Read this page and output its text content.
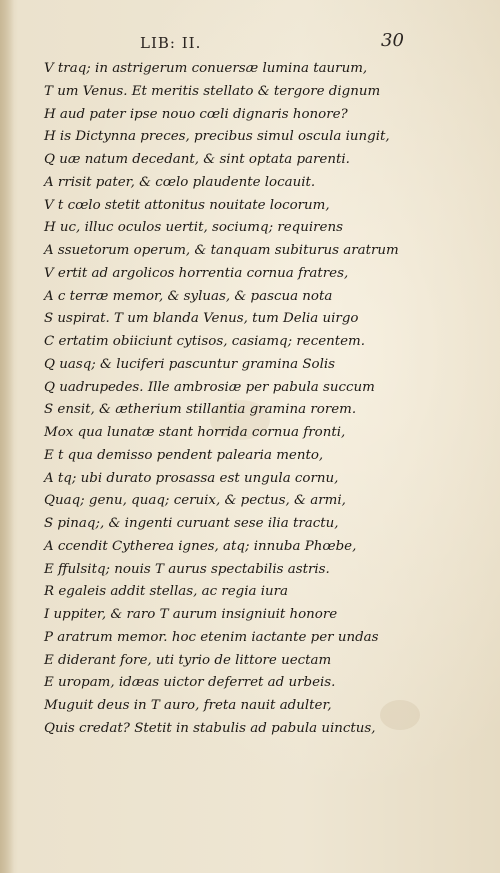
LIB: II.	30
V traq; in astrigerum conuersæ lumina taurum,
T um Venus. Et meritis stellato & tergore dignum
H aud pater ipse nouo cœli dignaris honore?
H is Dictynna preces, precibus simul oscula iungit,
Q uæ natum decedant, & sint optata parenti.
A rrisit pater, & cœlo plaudente locauit.
V t cœlo stetit attonitus nouitate locorum,
H uc, illuc oculos uertit, sociumq; requirens
A ssuetorum operum, & tanquam subiturus aratrum
V ertit ad argolicos horrentia cornua fratres,
A c terræ memor, & syluas, & pascua nota
S uspirat. T um blanda Venus, tum Delia uirgo
C ertatim obiiciunt cytisos, casiamq; recentem.
Q uasq; & luciferi pascuntur gramina Solis
Q uadrupedes. Ille ambrosiæ per pabula succum
S ensit, & ætherium stillantia gramina rorem.
Mox qua lunatæ stant horrida cornua fronti,
E t qua demisso pendent palearia mento,
A tq; ubi durato prosassa est ungula cornu,
Quaq; genu, quaq; ceruix, & pectus, & armi,
S pinaq;, & ingenti curuant sese ilia tractu,
A ccendit Cytherea ignes, atq; innuba Phœbe,
E ffulsitq; nouis T aurus spectabilis astris.
R egaleis addit stellas, ac regia iura
I uppiter, & raro T aurum insigniuit honore
P aratrum memor. hoc etenim iactante per undas
E diderant fore, uti tyrio de littore uectam
E uropam, idæas uictor deferret ad urbeis.
Muguit deus in T auro, freta nauit adulter,
Quis credat? Stetit in stabulis ad pabula uinctus,
